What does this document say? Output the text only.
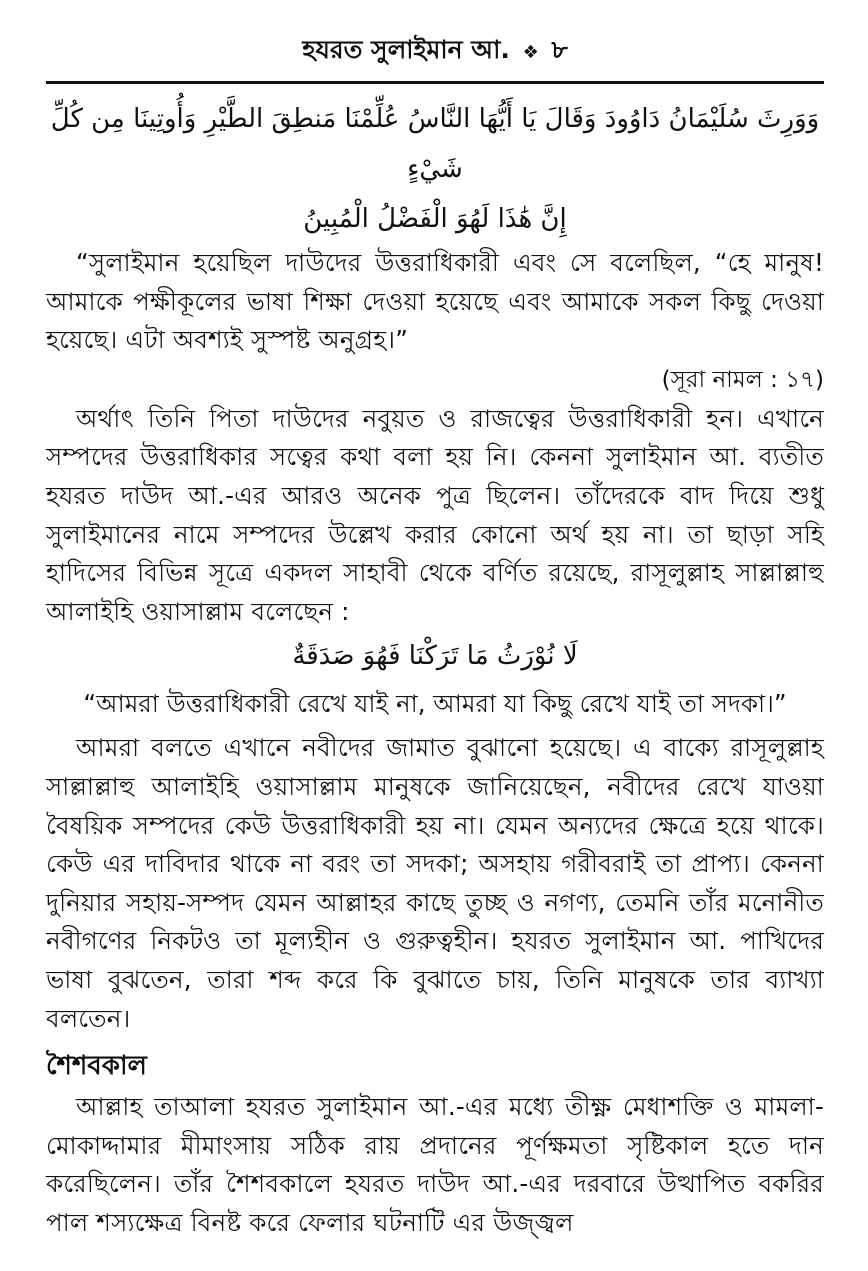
হযরত সুলাইমান আ. ❖ ৮

وَوَرِثَ سُلَيْمَانُ دَاوُودَ وَقَالَ يَا أَيُّهَا النَّاسُ عُلِّمْنَا مَنطِقَ الطَّيْرِ وَأُوتِينَا مِن كُلِّ شَيْءٍ

إِنَّ هَٰذَا لَهُوَ الْفَضْلُ الْمُبِينُ

“সুলাইমান হয়েছিল দাউদের উত্তরাধিকারী এবং সে বলেছিল, “হে মানুষ! আমাকে পক্ষীকূলের ভাষা শিক্ষা দেওয়া হয়েছে এবং আমাকে সকল কিছু দেওয়া হয়েছে। এটা অবশ্যই সুস্পষ্ট অনুগ্রহ।”

(সূরা নামল : ১৭)

অর্থাৎ তিনি পিতা দাউদের নবুয়ত ও রাজত্বের উত্তরাধিকারী হন। এখানে সম্পদের উত্তরাধিকার সত্বের কথা বলা হয় নি। কেননা সুলাইমান আ. ব্যতীত হযরত দাউদ আ.-এর আরও অনেক পুত্র ছিলেন। তাঁদেরকে বাদ দিয়ে শুধু সুলাইমানের নামে সম্পদের উল্লেখ করার কোনো অর্থ হয় না। তা ছাড়া সহি হাদিসের বিভিন্ন সূত্রে একদল সাহাবী থেকে বর্ণিত রয়েছে, রাসূলুল্লাহ সাল্লাল্লাহু আলাইহি ওয়াসাল্লাম বলেছেন :

لَا نُوْرَثُ مَا تَرَكْنَا فَهُوَ صَدَقَةٌ

“আমরা উত্তরাধিকারী রেখে যাই না, আমরা যা কিছু রেখে যাই তা সদকা।”

আমরা বলতে এখানে নবীদের জামাত বুঝানো হয়েছে। এ বাক্যে রাসূলুল্লাহ সাল্লাল্লাহু আলাইহি ওয়াসাল্লাম মানুষকে জানিয়েছেন, নবীদের রেখে যাওয়া বৈষয়িক সম্পদের কেউ উত্তরাধিকারী হয় না। যেমন অন্যদের ক্ষেত্রে হয়ে থাকে। কেউ এর দাবিদার থাকে না বরং তা সদকা; অসহায় গরীবরাই তা প্রাপ্য। কেননা দুনিয়ার সহায়-সম্পদ যেমন আল্লাহর কাছে তুচ্ছ ও নগণ্য, তেমনি তাঁর মনোনীত নবীগণের নিকটও তা মূল্যহীন ও গুরুত্বহীন। হযরত সুলাইমান আ. পাখিদের ভাষা বুঝতেন, তারা শব্দ করে কি বুঝাতে চায়, তিনি মানুষকে তার ব্যাখ্যা বলতেন।

শৈশবকাল

আল্লাহ তাআলা হযরত সুলাইমান আ.-এর মধ্যে তীক্ষ্ণ মেধাশক্তি ও মামলা-মোকাদ্দামার মীমাংসায় সঠিক রায় প্রদানের পূর্ণক্ষমতা সৃষ্টিকাল হতে দান করেছিলেন। তাঁর শৈশবকালে হযরত দাউদ আ.-এর দরবারে উত্থাপিত বকরির পাল শস্যক্ষেত্র বিনষ্ট করে ফেলার ঘটনাটি এর উজ্জ্বল
